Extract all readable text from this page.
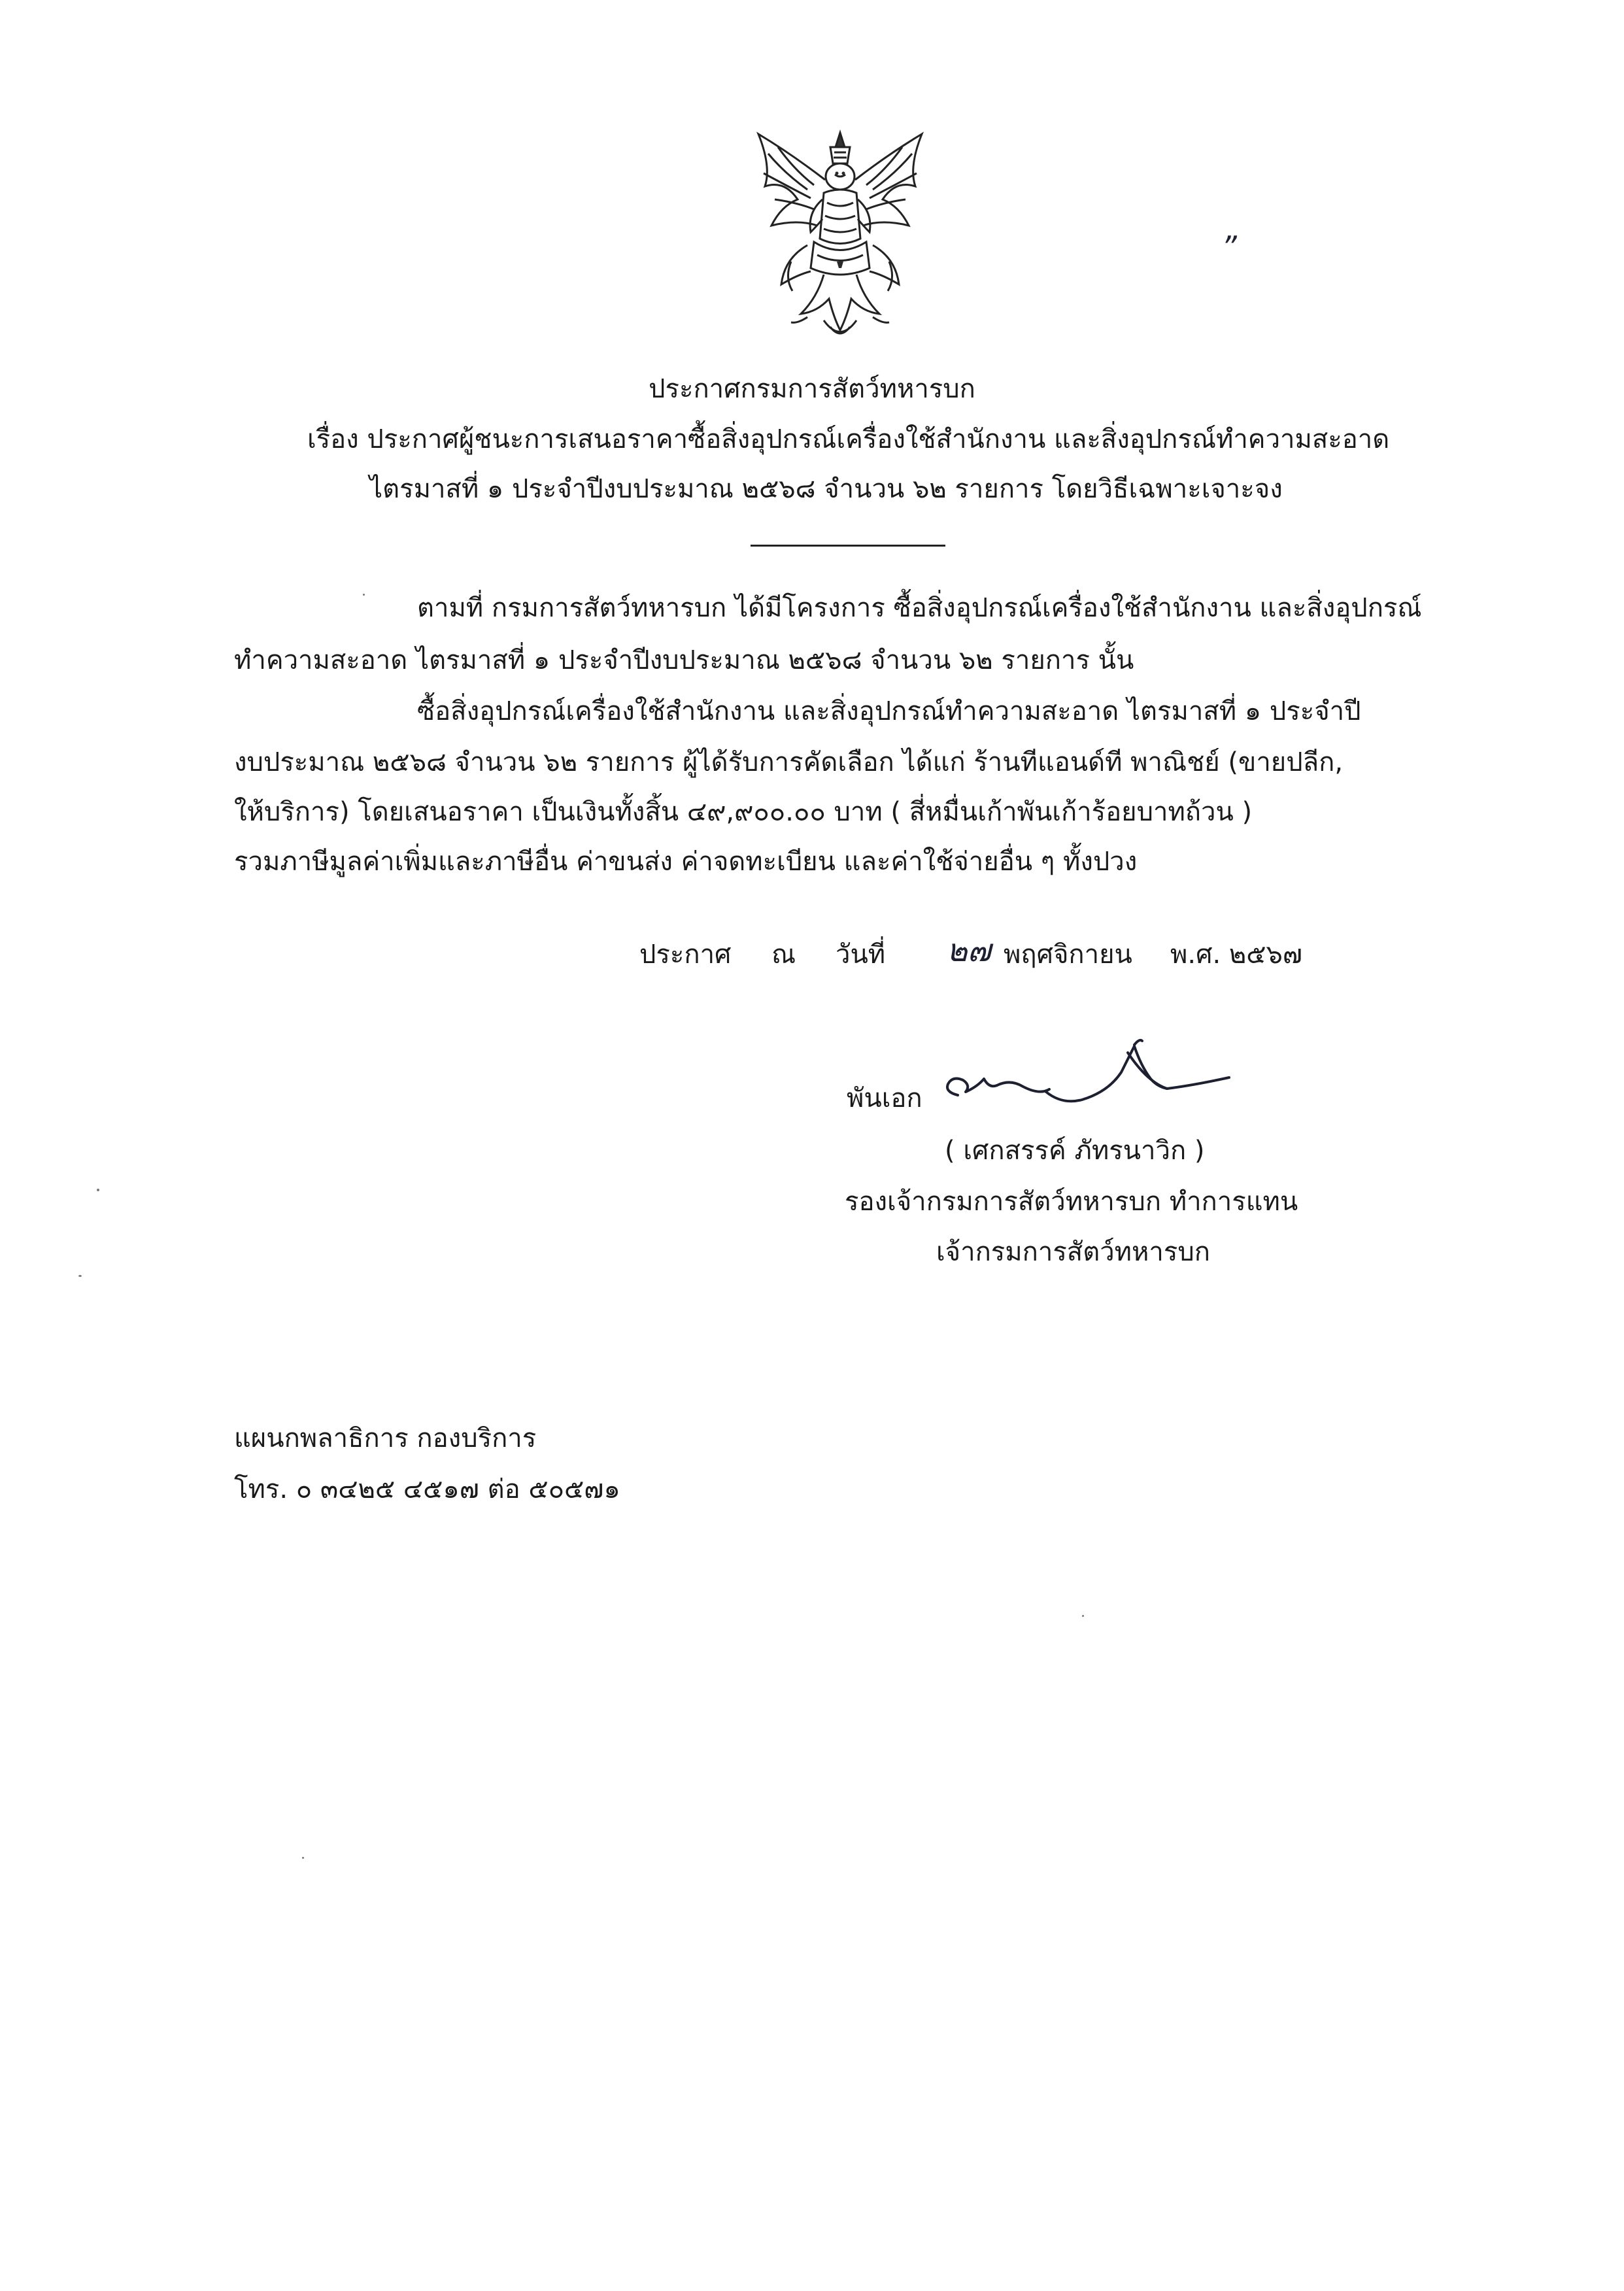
”
ประกาศกรมการสัตว์ทหารบก
เรื่อง ประกาศผู้ชนะการเสนอราคาซื้อสิ่งอุปกรณ์เครื่องใช้สำนักงาน และสิ่งอุปกรณ์ทำความสะอาด
ไตรมาสที่ ๑ ประจำปีงบประมาณ ๒๕๖๘ จำนวน ๖๒ รายการ โดยวิธีเฉพาะเจาะจง
ตามที่ กรมการสัตว์ทหารบก ได้มีโครงการ ซื้อสิ่งอุปกรณ์เครื่องใช้สำนักงาน และสิ่งอุปกรณ์
ทำความสะอาด ไตรมาสที่ ๑ ประจำปีงบประมาณ ๒๕๖๘ จำนวน ๖๒ รายการ นั้น
ซื้อสิ่งอุปกรณ์เครื่องใช้สำนักงาน และสิ่งอุปกรณ์ทำความสะอาด ไตรมาสที่ ๑ ประจำปี
งบประมาณ ๒๕๖๘ จำนวน ๖๒ รายการ ผู้ได้รับการคัดเลือก ได้แก่ ร้านทีแอนด์ที พาณิชย์ (ขายปลีก,
ให้บริการ) โดยเสนอราคา เป็นเงินทั้งสิ้น ๔๙,๙๐๐.๐๐ บาท ( สี่หมื่นเก้าพันเก้าร้อยบาทถ้วน )
รวมภาษีมูลค่าเพิ่มและภาษีอื่น ค่าขนส่ง ค่าจดทะเบียน และค่าใช้จ่ายอื่น ๆ ทั้งปวง
ประกาศ ณ วันที่ ๒๗ พฤศจิกายน พ.ศ. ๒๕๖๗
พันเอก
( เศกสรรค์ ภัทรนาวิก )
รองเจ้ากรมการสัตว์ทหารบก ทำการแทน
เจ้ากรมการสัตว์ทหารบก
แผนกพลาธิการ กองบริการ
โทร. ๐ ๓๔๒๕ ๔๕๑๗ ต่อ ๕๐๕๗๑
